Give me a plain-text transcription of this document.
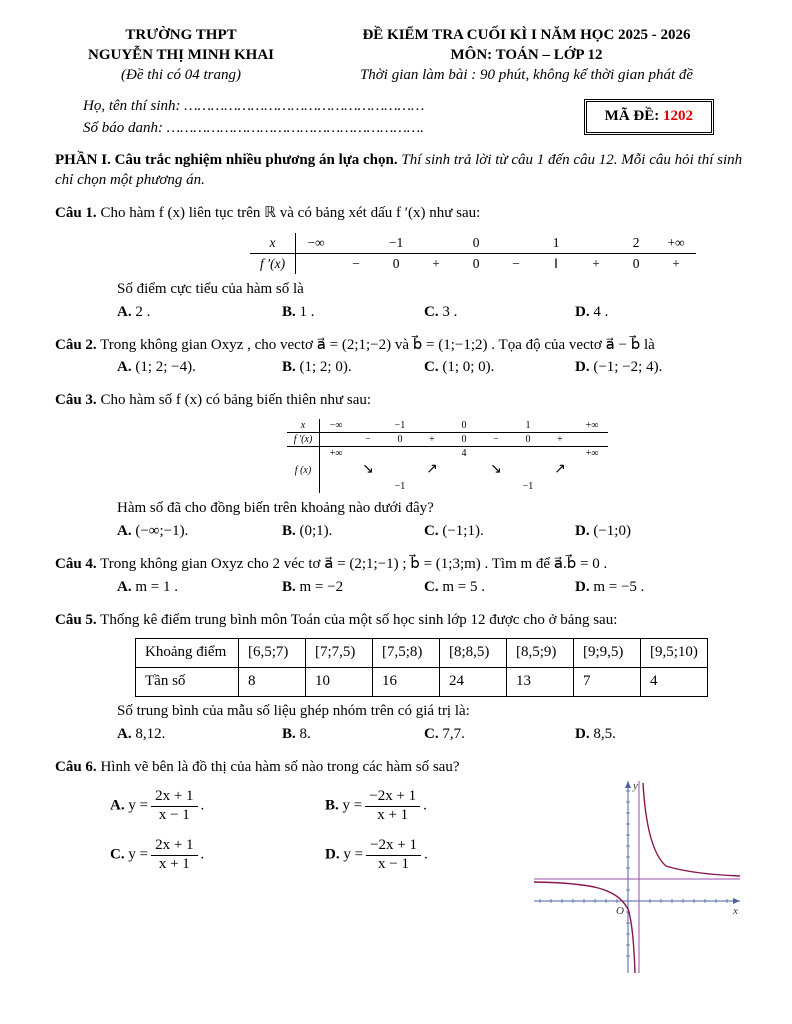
TRƯỜNG THPT
NGUYỄN THỊ MINH KHAI
(Đề thi có 04 trang)
ĐỀ KIỂM TRA CUỐI KÌ I NĂM HỌC 2025 - 2026
MÔN: TOÁN – LỚP 12
Thời gian làm bài : 90 phút, không kể thời gian phát đề
Họ, tên thí sinh: ………………………………………………
Số báo danh: ………………………………………………….
MÃ ĐỀ: 1202
PHẦN I. Câu trắc nghiệm nhiều phương án lựa chọn. Thí sinh trả lời từ câu 1 đến câu 12. Mỗi câu hỏi thí sinh chỉ chọn một phương án.
Câu 1. Cho hàm f (x) liên tục trên ℝ và có bảng xét dấu f ′(x) như sau:
x	−∞		−1		0		1		2	+∞
f ′(x)		−	0	+	0	−	‖	+	0	+
Số điểm cực tiểu của hàm số là
A. 2 .	B. 1 .	C. 3 .	D. 4 .
Câu 2. Trong không gian Oxyz , cho vectơ a⃗ = (2;1;−2) và b⃗ = (1;−1;2) . Tọa độ của vectơ a⃗ − b⃗ là
A. (1; 2; −4).	B. (1; 2; 0).	C. (1; 0; 0).	D. (−1; −2; 4).
Câu 3. Cho hàm số f (x) có bảng biến thiên như sau:
x	−∞		−1		0		1		+∞
f ′(x)		−	0	+	0	−	0	+	
f (x)	+∞	↘	−1	↗	4	↘	−1	↗	+∞
Hàm số đã cho đồng biến trên khoảng nào dưới đây?
A. (−∞;−1).	B. (0;1).	C. (−1;1).	D. (−1;0)
Câu 4. Trong không gian Oxyz cho 2 véc tơ a⃗ = (2;1;−1) ; b⃗ = (1;3;m) . Tìm m để a⃗.b⃗ = 0 .
A. m = 1 .	B. m = −2	C. m = 5 .	D. m = −5 .
Câu 5. Thống kê điểm trung bình môn Toán của một số học sinh lớp 12 được cho ở bảng sau:
Khoảng điểm	[6,5;7)	[7;7,5)	[7,5;8)	[8;8,5)	[8,5;9)	[9;9,5)	[9,5;10)
Tần số	8	10	16	24	13	7	4
Số trung bình của mẫu số liệu ghép nhóm trên có giá trị là:
A. 8,12.	B. 8.	C. 7,7.	D. 8,5.
Câu 6. Hình vẽ bên là đồ thị của hàm số nào trong các hàm số sau?
A. $y = \frac{2x + 1}{x - 1}$ .	B. $y = \frac{-2x + 1}{x + 1}$ .
C. $y = \frac{2x + 1}{x + 1}$ .	D. $y = \frac{-2x + 1}{x - 1}$ .
O	x
y
